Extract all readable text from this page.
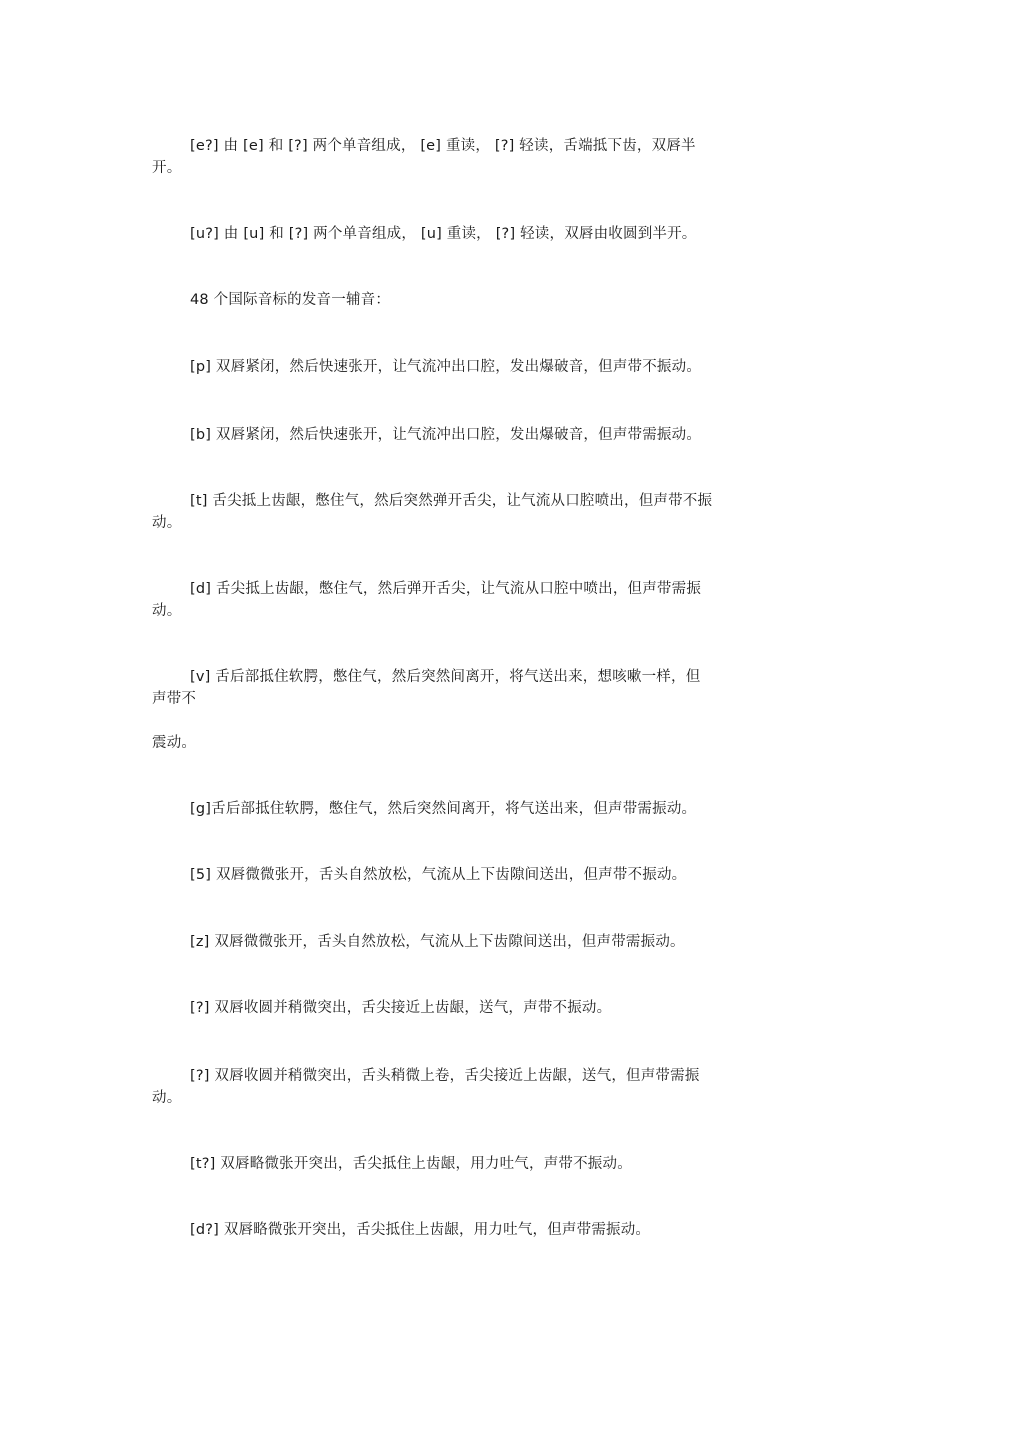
[e?] 由 [e] 和 [?] 两个单音组成， [e] 重读， [?] 轻读，舌端抵下齿，双唇半
开。
[u?] 由 [u] 和 [?] 两个单音组成， [u] 重读， [?] 轻读，双唇由收圆到半开。
48 个国际音标的发音一辅音：
[p] 双唇紧闭，然后快速张开，让气流冲出口腔，发出爆破音，但声带不振动。
[b] 双唇紧闭，然后快速张开，让气流冲出口腔，发出爆破音，但声带需振动。
[t] 舌尖抵上齿龈，憋住气，然后突然弹开舌尖，让气流从口腔喷出，但声带不振
动。
[d] 舌尖抵上齿龈，憋住气，然后弹开舌尖，让气流从口腔中喷出，但声带需振
动。
[v] 舌后部抵住软腭，憋住气，然后突然间离开，将气送出来，想咳嗽一样，但
声带不
震动。
[g]舌后部抵住软腭，憋住气，然后突然间离开，将气送出来，但声带需振动。
[5] 双唇微微张开，舌头自然放松，气流从上下齿隙间送出，但声带不振动。
[z] 双唇微微张开，舌头自然放松，气流从上下齿隙间送出，但声带需振动。
[?] 双唇收圆并稍微突出，舌尖接近上齿龈，送气，声带不振动。
[?] 双唇收圆并稍微突出，舌头稍微上卷，舌尖接近上齿龈，送气，但声带需振
动。
[t?] 双唇略微张开突出，舌尖抵住上齿龈，用力吐气，声带不振动。
[d?] 双唇略微张开突出，舌尖抵住上齿龈，用力吐气，但声带需振动。
